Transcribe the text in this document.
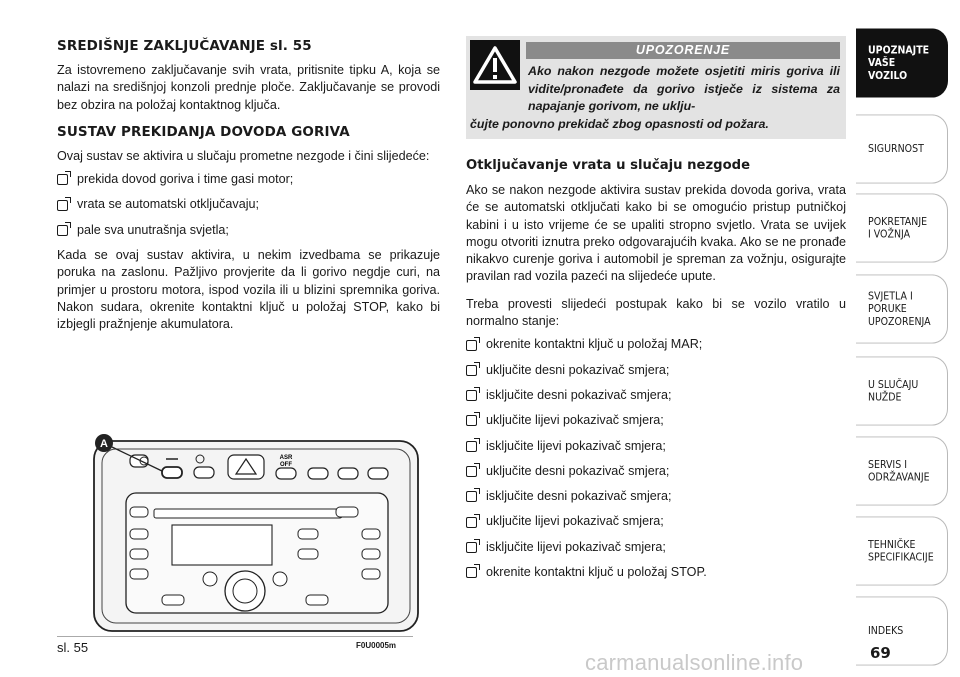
SREDIŠNJE ZAKLJUČAVANJE sl. 55

Za istovremeno zaključavanje svih vrata, pritisnite tipku A, koja se nalazi na središnjoj konzoli prednje ploče. Zaključavanje se provodi bez obzira na položaj kontaktnog ključa.

SUSTAV PREKIDANJA DOVODA GORIVA

Ovaj sustav se aktivira u slučaju prometne nezgode i čini slijedeće:

prekida dovod goriva i time gasi motor;
vrata se automatski otključavaju;
pale sva unutrašnja svjetla;

Kada se ovaj sustav aktivira, u nekim izvedbama se prikazuje poruka na zaslonu. Pažljivo provjerite da li gorivo negdje curi, na primjer u prostoru motora, ispod vozila ili u blizini spremnika goriva. Nakon sudara, okrenite kontaktni ključ u položaj STOP, kako bi izbjegli pražnjenje akumulatora.

UPOZORENJE
Ako nakon nezgode možete osjetiti miris goriva ili vidite/pronađete da gorivo istječe iz sistema za napajanje gorivom, ne uklju-
čujte ponovno prekidač zbog opasnosti od požara.
Otključavanje vrata u slučaju nezgode

Ako se nakon nezgode aktivira sustav prekida dovoda goriva, vrata će se automatski otključati kako bi se omogućio pristup putničkoj kabini i u isto vrijeme će se upaliti stropno svjetlo. Vrata se uvijek mogu otvoriti iznutra preko odgovarajućih kvaka. Ako se ne pronađe nikakvo curenje goriva i automobil je spreman za vožnju, osigurajte pravilan rad vozila pazeći na slijedeće upute.

Treba provesti slijedeći postupak kako bi se vozilo vratilo u normalno stanje:

okrenite kontaktni ključ u položaj MAR;
uključite desni pokazivač smjera;
isključite desni pokazivač smjera;
uključite lijevi pokazivač smjera;
isključite lijevi pokazivač smjera;
uključite desni pokazivač smjera;
isključite desni pokazivač smjera;
uključite lijevi pokazivač smjera;
isključite lijevi pokazivač smjera;
okrenite kontaktni ključ u položaj STOP.
ASR
OFF
A
sl. 55	F0U0005m
UPOZNAJTE VAŠE VOZILO
SIGURNOST
POKRETANJE I VOŽNJA
SVJETLA I PORUKE UPOZORENJA
U SLUČAJU NUŽDE
SERVIS I ODRŽAVANJE
TEHNIČKE SPECIFIKACIJE
INDEKS
69
carmanualsonline.info
